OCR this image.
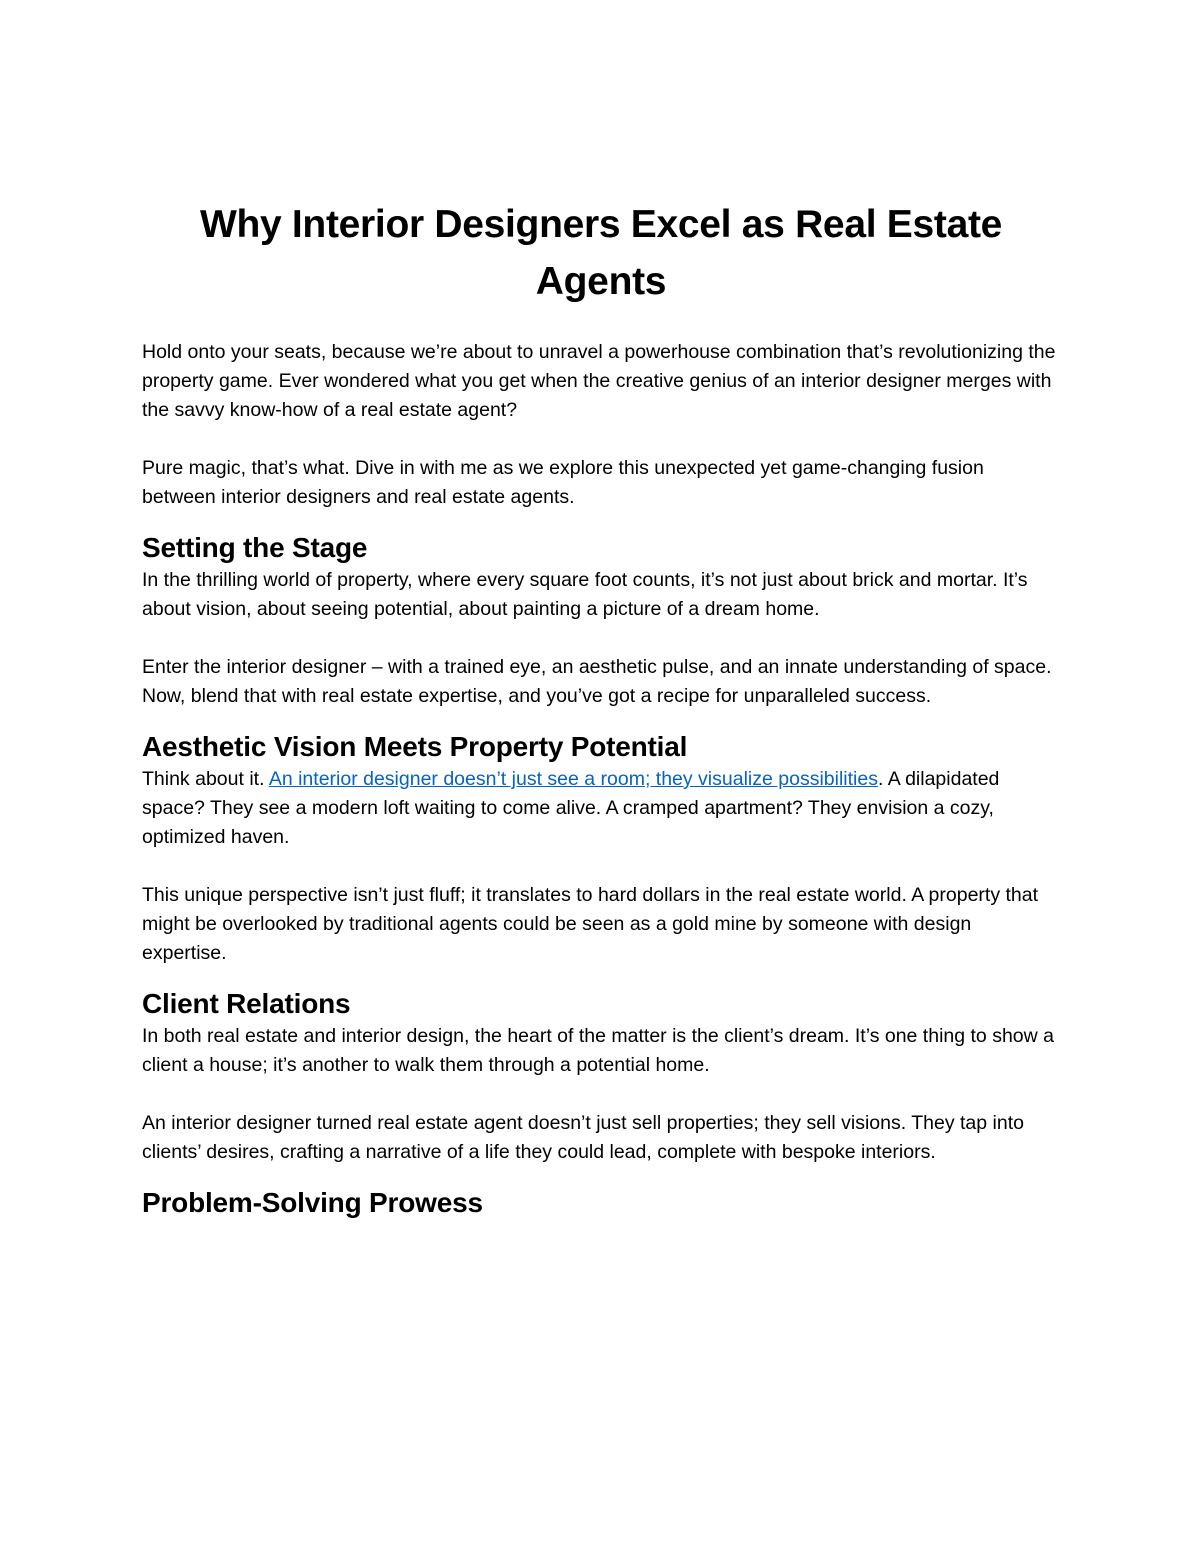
Why Interior Designers Excel as Real Estate Agents

Hold onto your seats, because we’re about to unravel a powerhouse combination that’s revolutionizing the property game. Ever wondered what you get when the creative genius of an interior designer merges with the savvy know-how of a real estate agent?

Pure magic, that’s what. Dive in with me as we explore this unexpected yet game-changing fusion between interior designers and real estate agents.

Setting the Stage

In the thrilling world of property, where every square foot counts, it’s not just about brick and mortar. It’s about vision, about seeing potential, about painting a picture of a dream home.

Enter the interior designer – with a trained eye, an aesthetic pulse, and an innate understanding of space. Now, blend that with real estate expertise, and you’ve got a recipe for unparalleled success.

Aesthetic Vision Meets Property Potential

Think about it. An interior designer doesn’t just see a room; they visualize possibilities. A dilapidated space? They see a modern loft waiting to come alive. A cramped apartment? They envision a cozy, optimized haven.

This unique perspective isn’t just fluff; it translates to hard dollars in the real estate world. A property that might be overlooked by traditional agents could be seen as a gold mine by someone with design expertise.

Client Relations

In both real estate and interior design, the heart of the matter is the client’s dream. It’s one thing to show a client a house; it’s another to walk them through a potential home.

An interior designer turned real estate agent doesn’t just sell properties; they sell visions. They tap into clients’ desires, crafting a narrative of a life they could lead, complete with bespoke interiors.

Problem-Solving Prowess
